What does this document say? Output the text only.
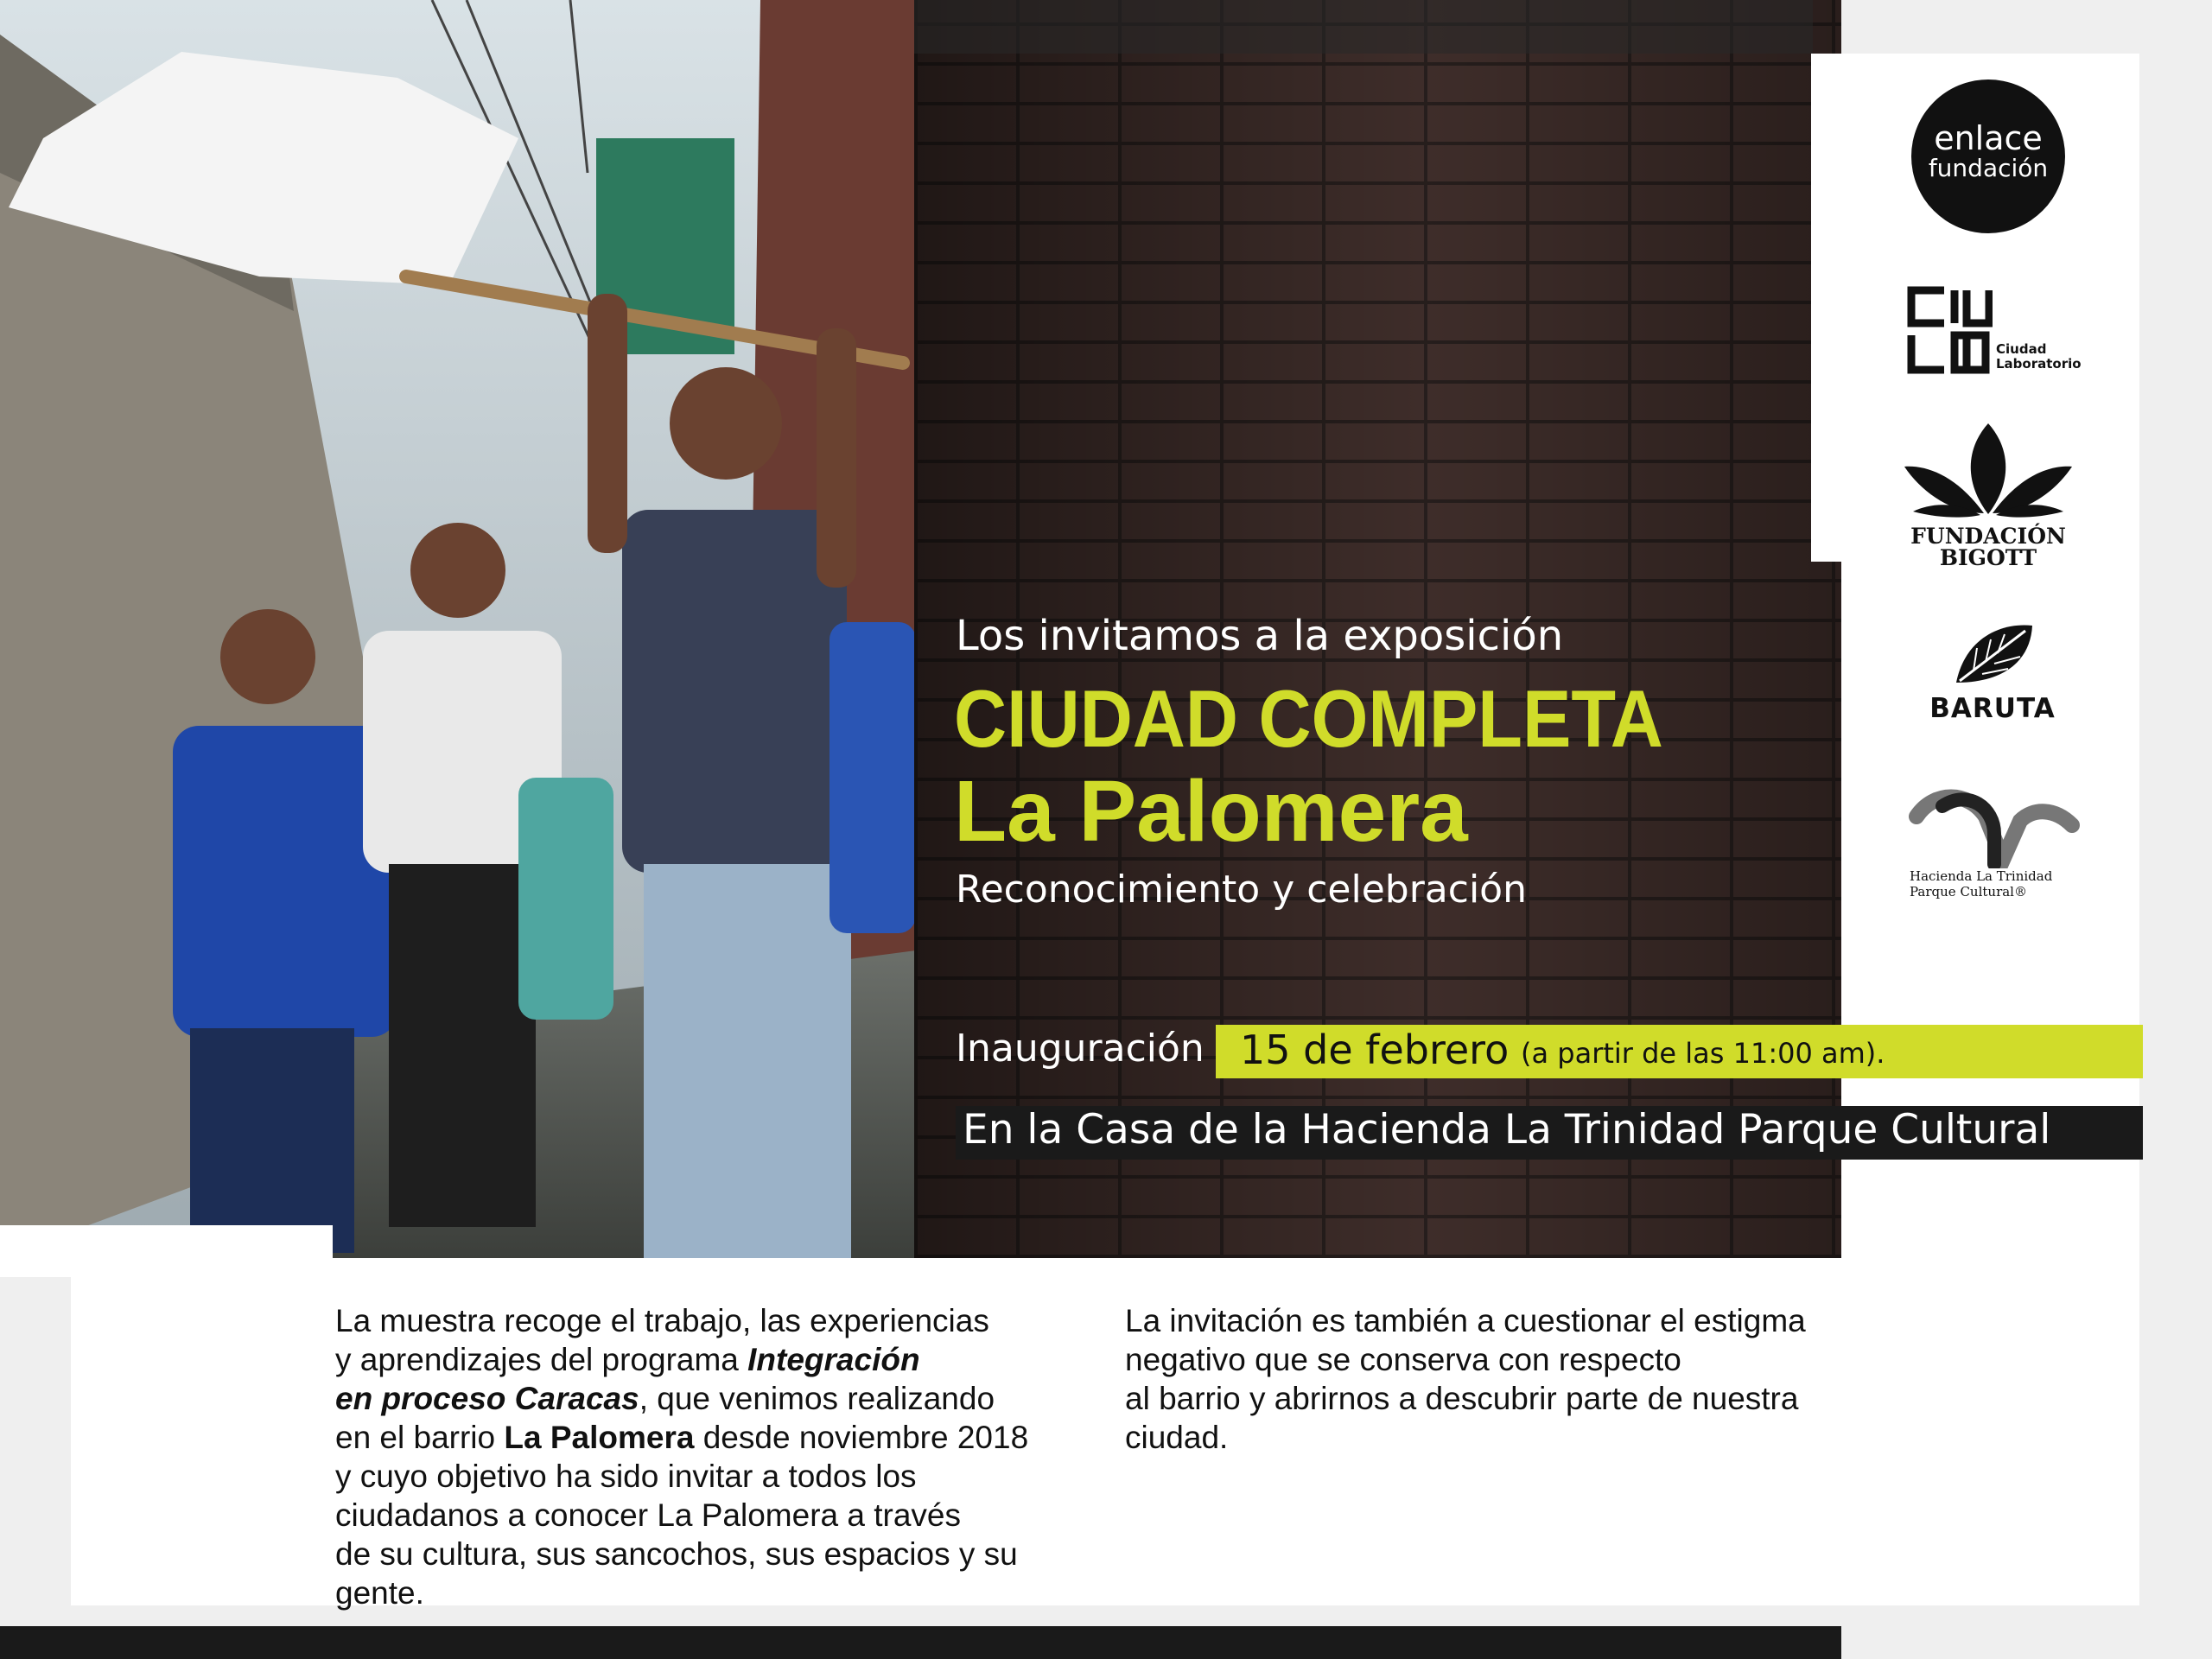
enlace
fundación
Ciudad
Laboratorio
FUNDACIÓN
BIGOTT
BARUTA
Hacienda La Trinidad
Parque Cultural®
Los invitamos a la exposición
CIUDAD COMPLETA
La Palomera
Reconocimiento y celebración
Inauguración 15 de febrero (a partir de las 11:00 am).
En la Casa de la Hacienda La Trinidad Parque Cultural
La muestra recoge el trabajo, las experiencias
y aprendizajes del programa Integración
en proceso Caracas, que venimos realizando
en el barrio La Palomera desde noviembre 2018
y cuyo objetivo ha sido invitar a todos los
ciudadanos a conocer La Palomera a través
de su cultura, sus sancochos, sus espacios y su gente.
La invitación es también a cuestionar el estigma
negativo que se conserva con respecto
al barrio y abrirnos a descubrir parte de nuestra
ciudad.
